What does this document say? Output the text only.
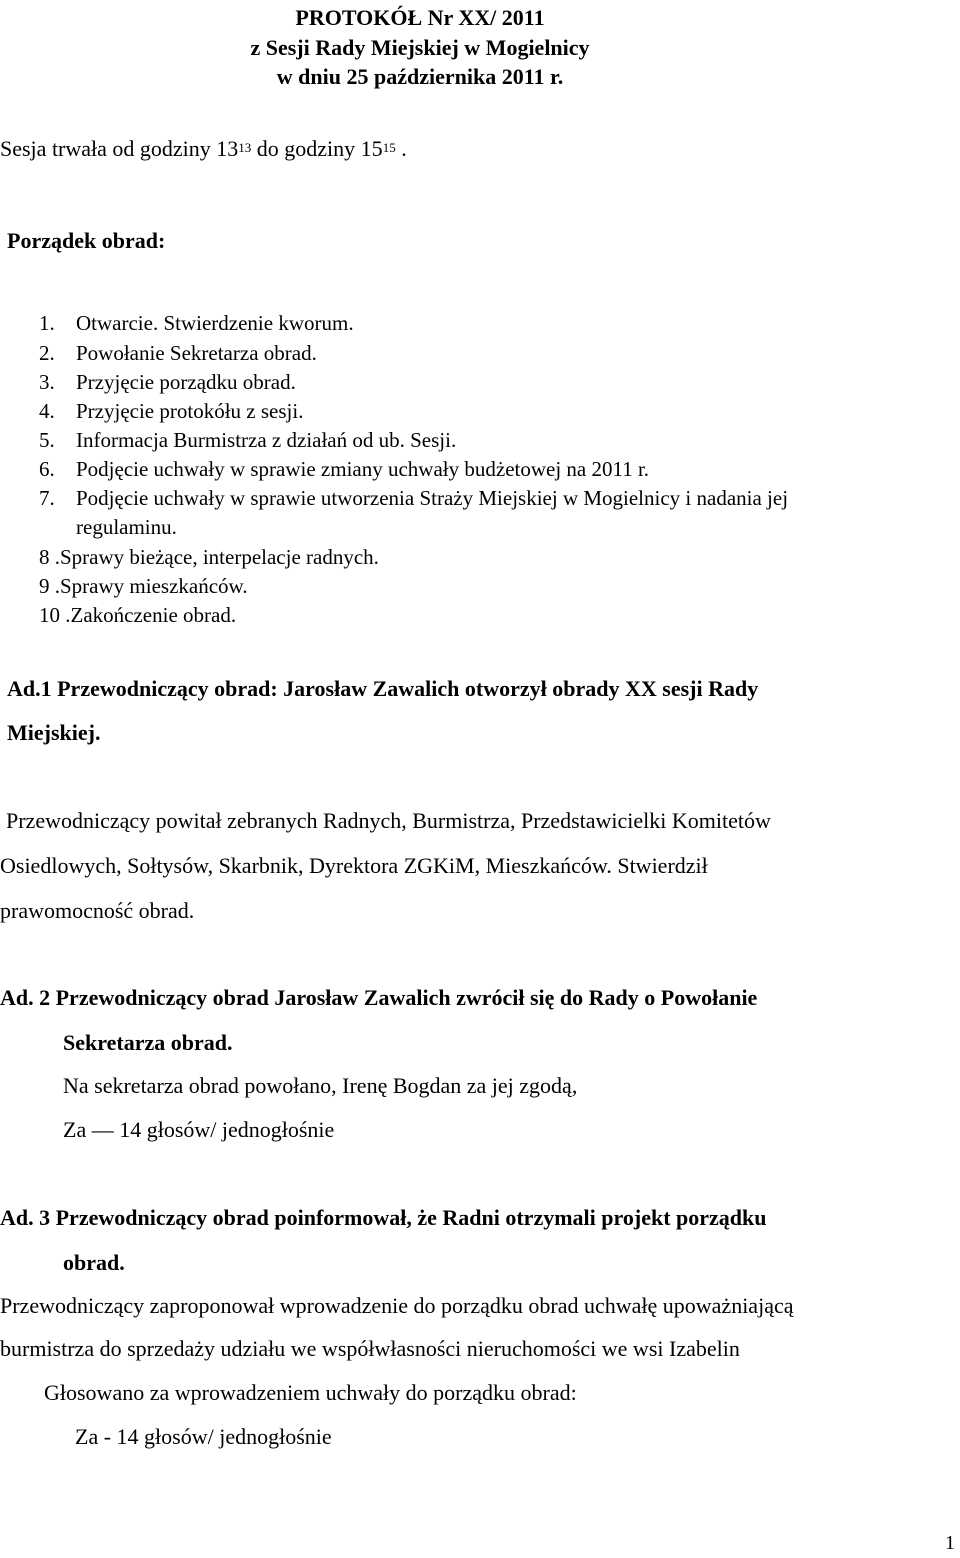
PROTOKÓŁ Nr XX/ 2011
z Sesji Rady Miejskiej w Mogielnicy
w dniu 25 października 2011 r.
Sesja trwała od godziny $13^{13}$ do godziny $15^{15}$ .
Porządek obrad:
1. Otwarcie. Stwierdzenie kworum.
2. Powołanie Sekretarza obrad.
3. Przyjęcie porządku obrad.
4. Przyjęcie protokółu z sesji.
5. Informacja Burmistrza z działań od ub. Sesji.
6. Podjęcie uchwały w sprawie zmiany uchwały budżetowej na 2011 r.
7. Podjęcie uchwały w sprawie utworzenia Straży Miejskiej w Mogielnicy i nadania jej
regulaminu.
8 .Sprawy bieżące, interpelacje radnych.
9 .Sprawy mieszkańców.
10 .Zakończenie obrad.
Ad.1 Przewodniczący obrad: Jarosław Zawalich otworzył obrady XX sesji Rady
Miejskiej.
Przewodniczący powitał zebranych Radnych, Burmistrza, Przedstawicielki Komitetów
Osiedlowych, Sołtysów, Skarbnik, Dyrektora ZGKiM, Mieszkańców. Stwierdził
prawomocność obrad.
Ad. 2 Przewodniczący obrad Jarosław Zawalich zwrócił się do Rady o Powołanie
Sekretarza obrad.
Na sekretarza obrad powołano, Irenę Bogdan za jej zgodą,
Za — 14 głosów/ jednogłośnie
Ad. 3 Przewodniczący obrad poinformował, że Radni otrzymali projekt porządku
obrad.
Przewodniczący zaproponował wprowadzenie do porządku obrad uchwałę upoważniającą
burmistrza do sprzedaży udziału we współwłasności nieruchomości we wsi Izabelin
Głosowano za wprowadzeniem uchwały do porządku obrad:
Za - 14 głosów/ jednogłośnie
1
